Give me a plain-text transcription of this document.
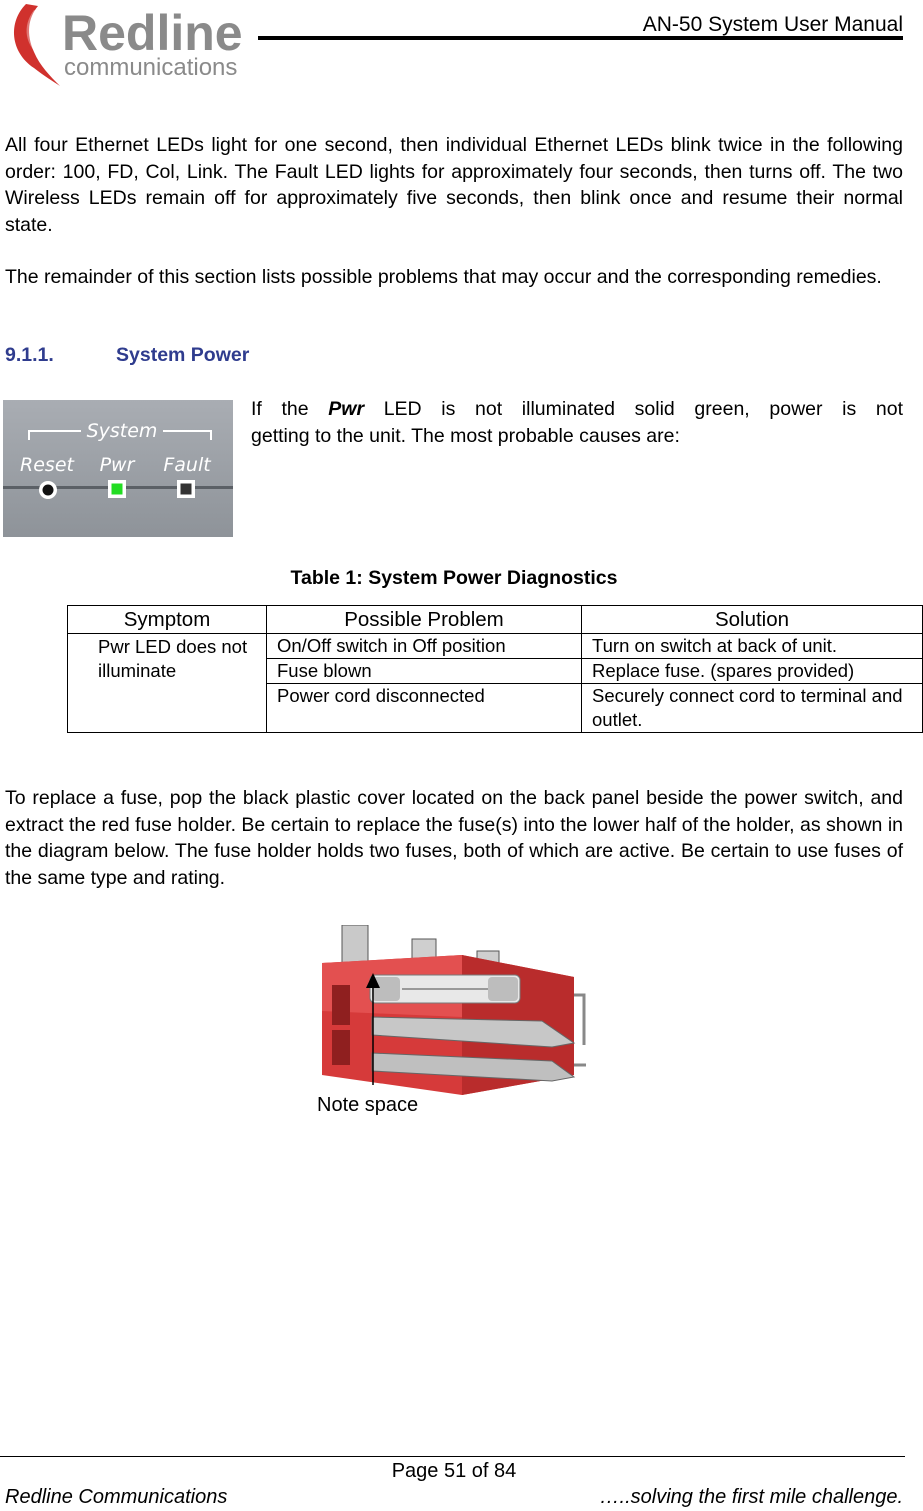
Redline
communications
AN-50 System User Manual
All four Ethernet LEDs light for one second, then individual Ethernet LEDs blink twice in the following order: 100, FD, Col, Link. The Fault LED lights for approximately four seconds, then turns off. The two Wireless LEDs remain off for approximately five seconds, then blink once and resume their normal state.
The remainder of this section lists possible problems that may occur and the corresponding remedies.
9.1.1.	System Power
System
Reset Pwr Fault
If the Pwr LED is not illuminated solid green, power is not
getting to the unit. The most probable causes are:
Table 1: System Power Diagnostics
Symptom	Possible Problem	Solution
Pwr LED does not illuminate	On/Off switch in Off position	Turn on switch at back of unit.
	Fuse blown	Replace fuse. (spares provided)
	Power cord disconnected	Securely connect cord to terminal and outlet.
To replace a fuse, pop the black plastic cover located on the back panel beside the power switch, and extract the red fuse holder. Be certain to replace the fuse(s) into the lower half of the holder, as shown in the diagram below. The fuse holder holds two fuses, both of which are active. Be certain to use fuses of the same type and rating.
Note space
Page 51 of 84
Redline Communications	…..solving the first mile challenge.
